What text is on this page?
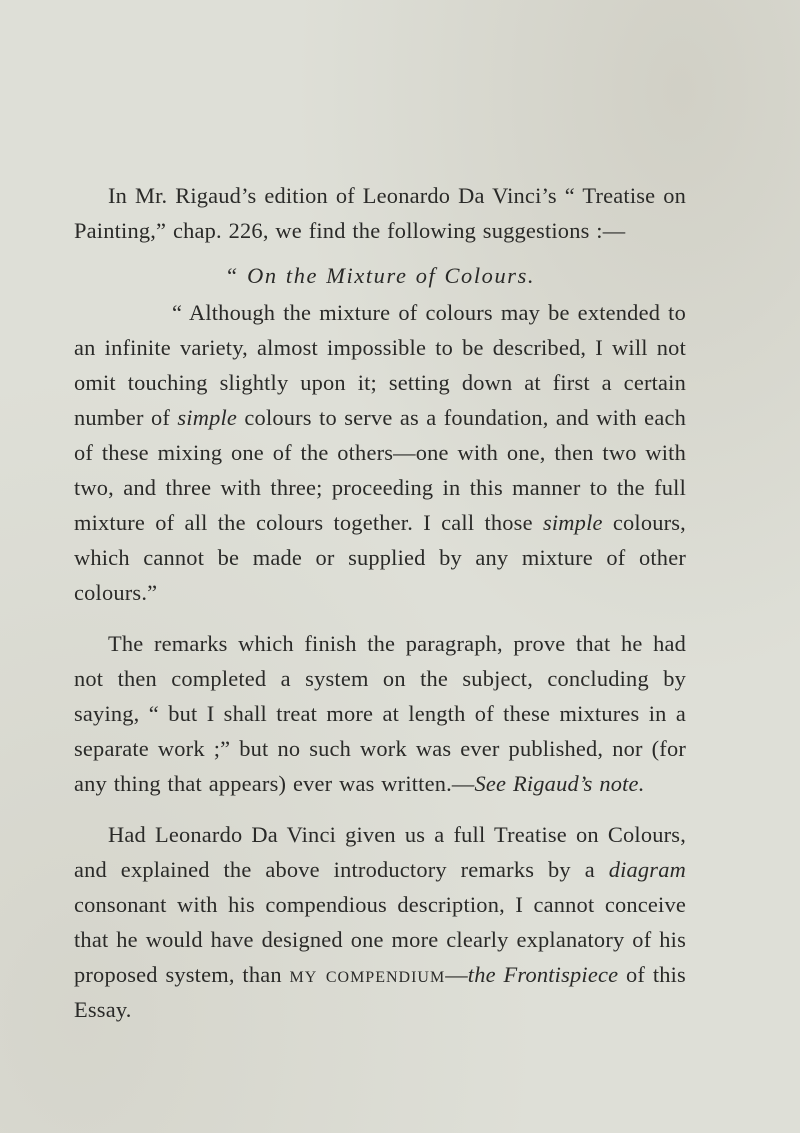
In Mr. Rigaud’s edition of Leonardo Da Vinci’s “ Treatise on Painting,” chap. 226, we find the following suggestions :—

“ On the Mixture of Colours.

“ Although the mixture of colours may be extended to an infinite variety, almost impossible to be described, I will not omit touching slightly upon it; setting down at first a certain number of simple colours to serve as a foundation, and with each of these mixing one of the others—one with one, then two with two, and three with three; proceeding in this manner to the full mixture of all the colours together. I call those simple colours, which cannot be made or supplied by any mixture of other colours.”

The remarks which finish the paragraph, prove that he had not then completed a system on the subject, concluding by saying, “ but I shall treat more at length of these mixtures in a separate work ;” but no such work was ever published, nor (for any thing that appears) ever was written.—See Rigaud’s note.

Had Leonardo Da Vinci given us a full Treatise on Colours, and explained the above introductory remarks by a diagram consonant with his compendious description, I cannot conceive that he would have designed one more clearly explanatory of his proposed system, than my compendium—the Frontispiece of this Essay.
